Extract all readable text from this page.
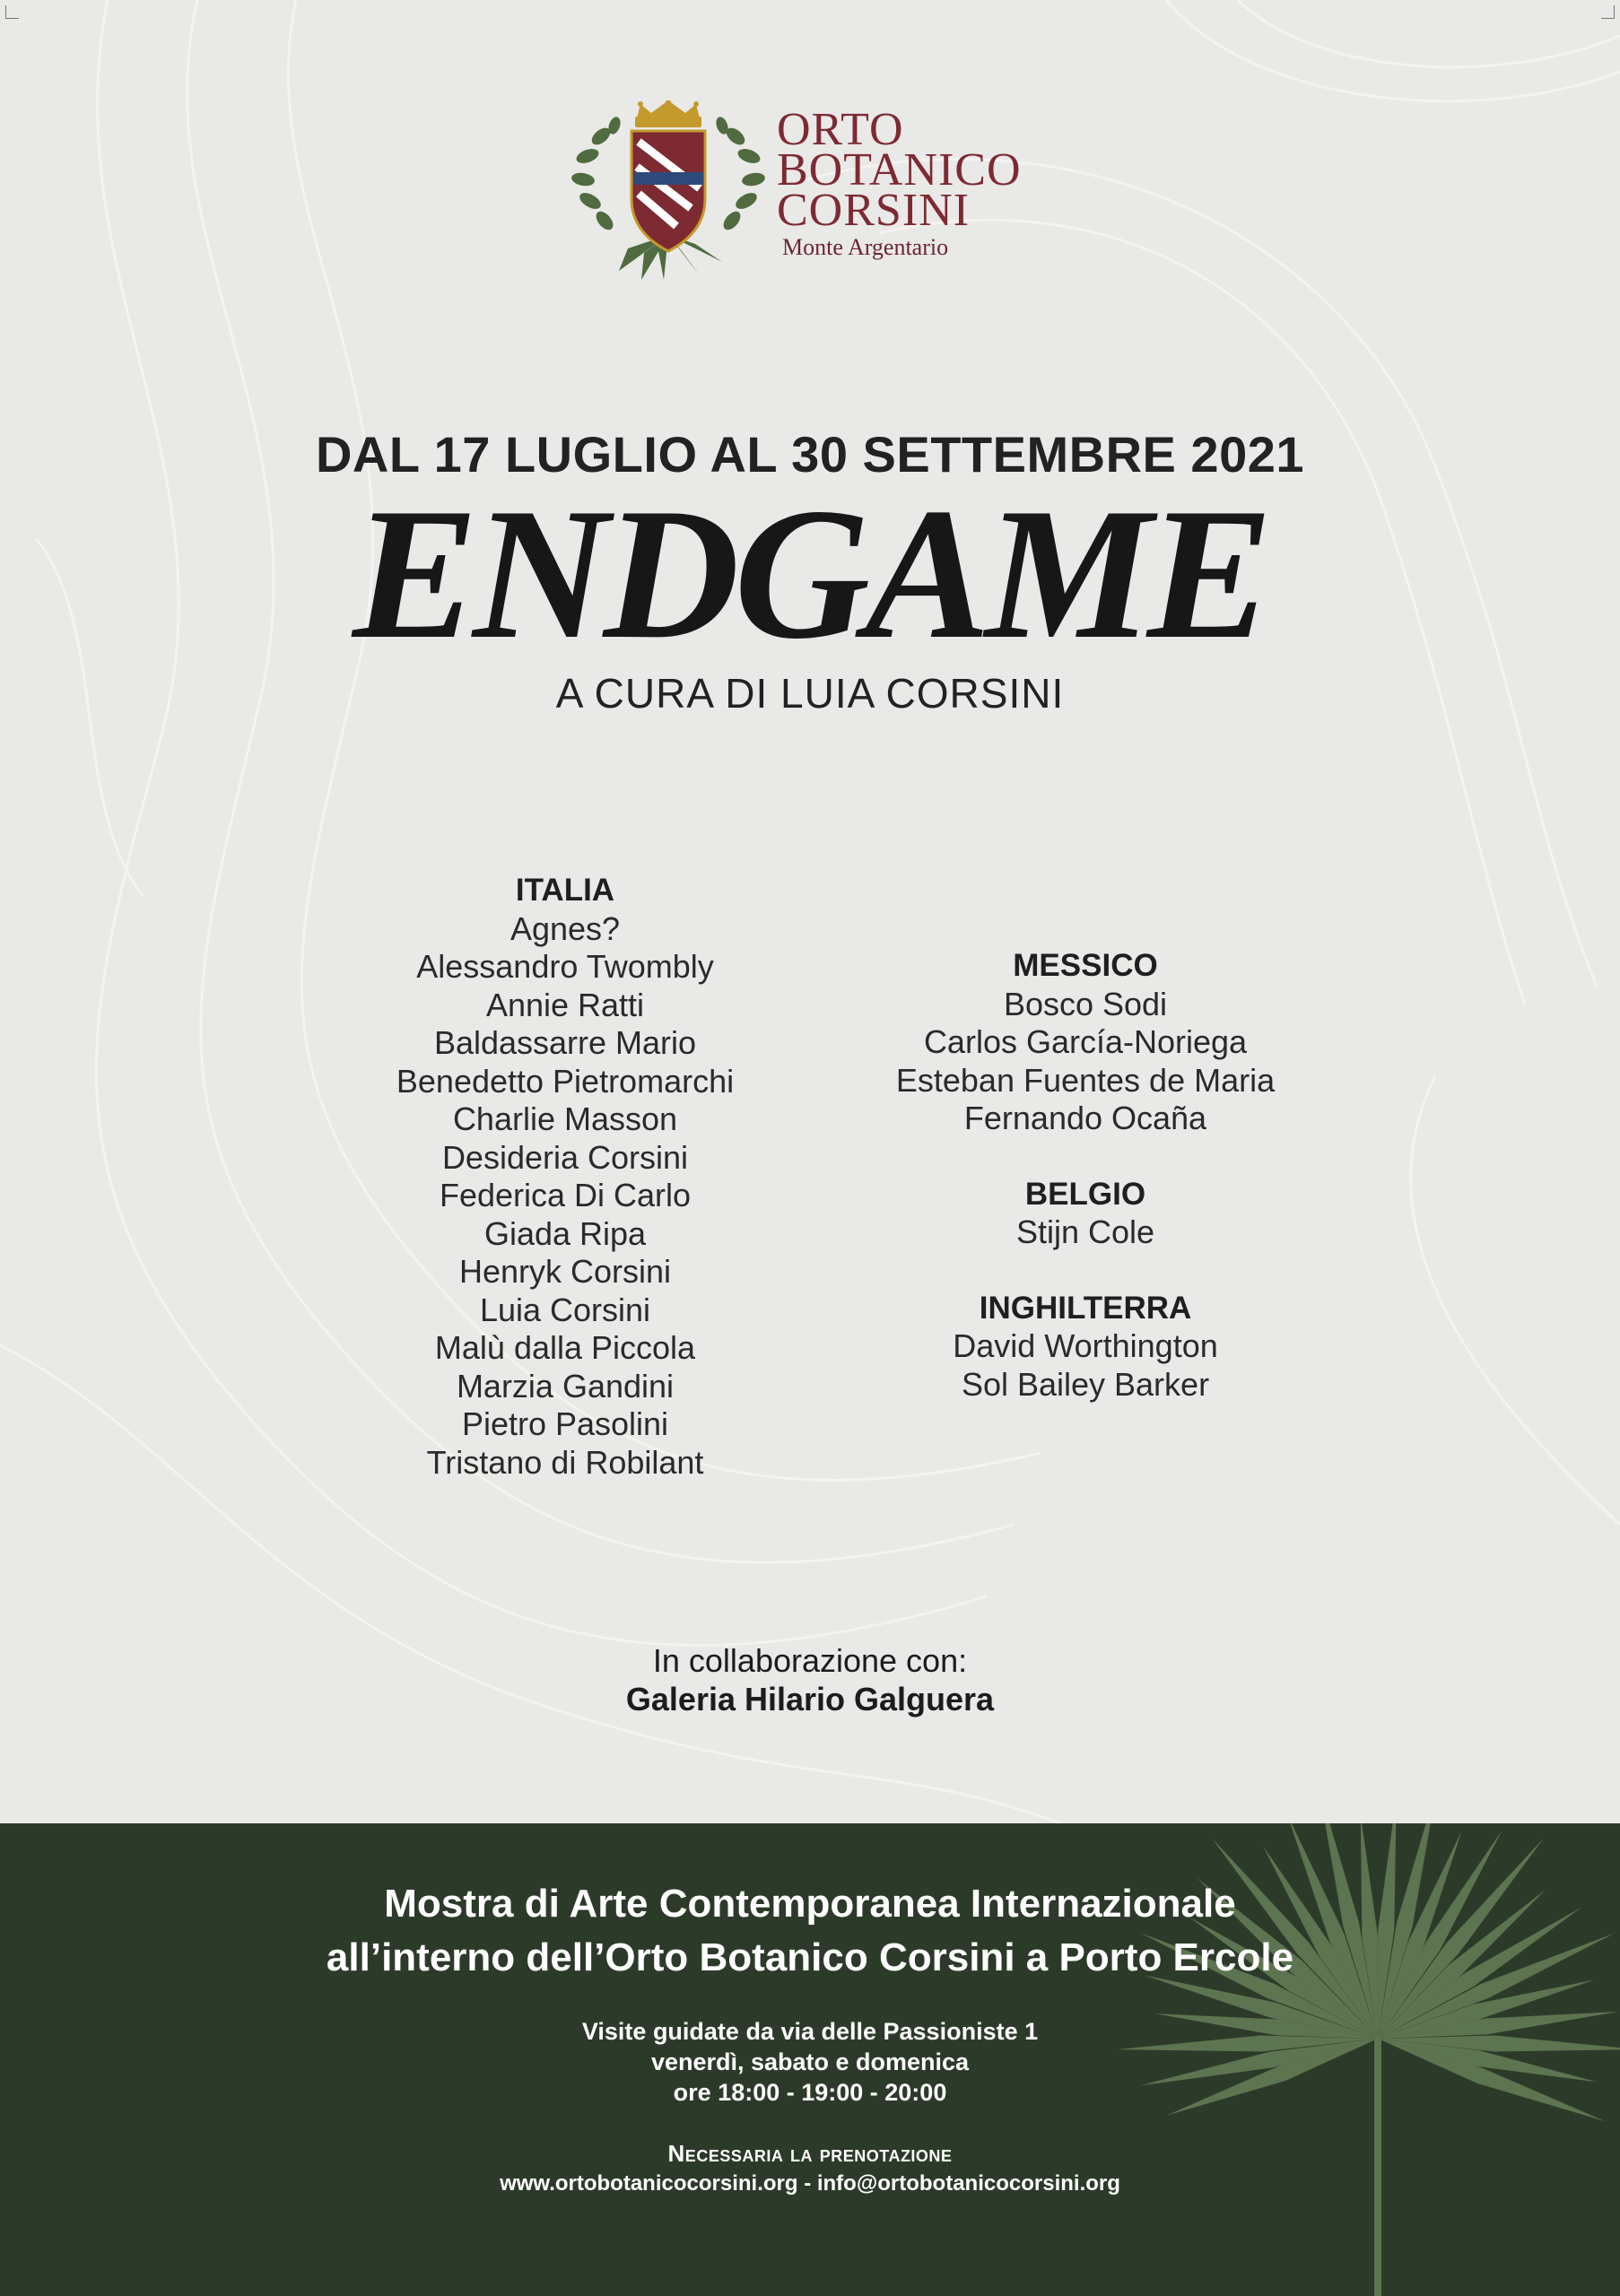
ORTO
BOTANICO
CORSINI
Monte Argentario
DAL 17 LUGLIO AL 30 SETTEMBRE 2021
ENDGAME
A CURA DI LUIA CORSINI
ITALIA
Agnes?
Alessandro Twombly
Annie Ratti
Baldassarre Mario
Benedetto Pietromarchi
Charlie Masson
Desideria Corsini
Federica Di Carlo
Giada Ripa
Henryk Corsini
Luia Corsini
Malù dalla Piccola
Marzia Gandini
Pietro Pasolini
Tristano di Robilant
MESSICO
Bosco Sodi
Carlos García-Noriega
Esteban Fuentes de Maria
Fernando Ocaña
BELGIO
Stijn Cole
INGHILTERRA
David Worthington
Sol Bailey Barker
In collaborazione con:
Galeria Hilario Galguera
Mostra di Arte Contemporanea Internazionale
all’interno dell’Orto Botanico Corsini a Porto Ercole
Visite guidate da via delle Passioniste 1
venerdì, sabato e domenica
ore 18:00 - 19:00 - 20:00
Necessaria la prenotazione
www.ortobotanicocorsini.org - info@ortobotanicocorsini.org
